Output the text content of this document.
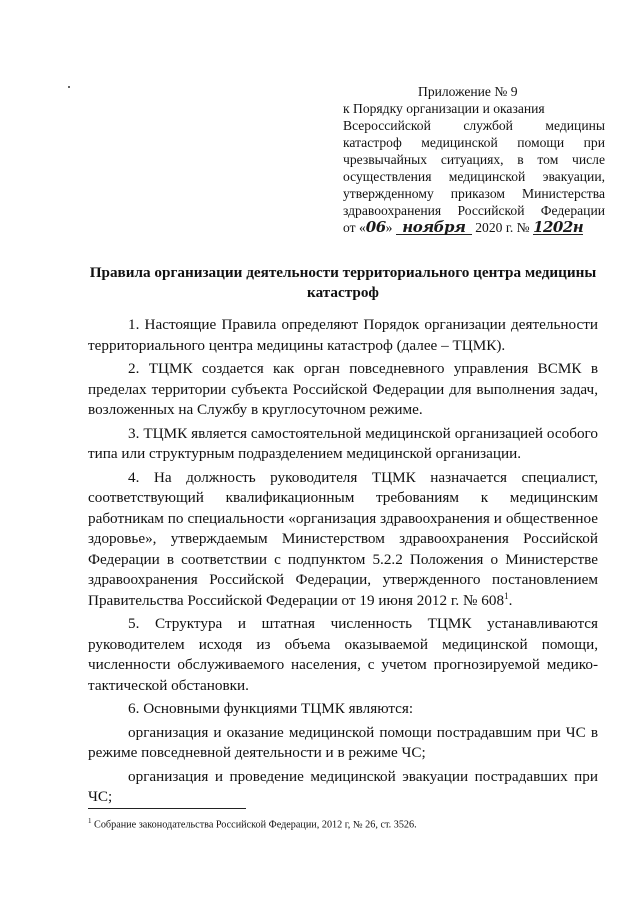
Приложение № 9
к Порядку организации и оказания
Всероссийской службой медицины
катастроф медицинской помощи при
чрезвычайных ситуациях, в том числе
осуществления медицинской эвакуации,
утвержденному приказом Министерства
здравоохранения Российской Федерации
от «06» ноября 2020 г. № 1202н
Правила организации деятельности территориального центра медицины катастроф

1. Настоящие Правила определяют Порядок организации деятельности территориального центра медицины катастроф (далее – ТЦМК).

2. ТЦМК создается как орган повседневного управления ВСМК в пределах территории субъекта Российской Федерации для выполнения задач, возложенных на Службу в круглосуточном режиме.

3. ТЦМК является самостоятельной медицинской организацией особого типа или структурным подразделением медицинской организации.

4. На должность руководителя ТЦМК назначается специалист, соответствующий квалификационным требованиям к медицинским работникам по специальности «организация здравоохранения и общественное здоровье», утверждаемым Министерством здравоохранения Российской Федерации в соответствии с подпунктом 5.2.2 Положения о Министерстве здравоохранения Российской Федерации, утвержденного постановлением Правительства Российской Федерации от 19 июня 2012 г. № $608^1$.

5. Структура и штатная численность ТЦМК устанавливаются руководителем исходя из объема оказываемой медицинской помощи, численности обслуживаемого населения, с учетом прогнозируемой медико-тактической обстановки.

6. Основными функциями ТЦМК являются:

организация и оказание медицинской помощи пострадавшим при ЧС в режиме повседневной деятельности и в режиме ЧС;

организация и проведение медицинской эвакуации пострадавших при ЧС;

$^1$ Собрание законодательства Российской Федерации, 2012 г, № 26, ст. 3526.
